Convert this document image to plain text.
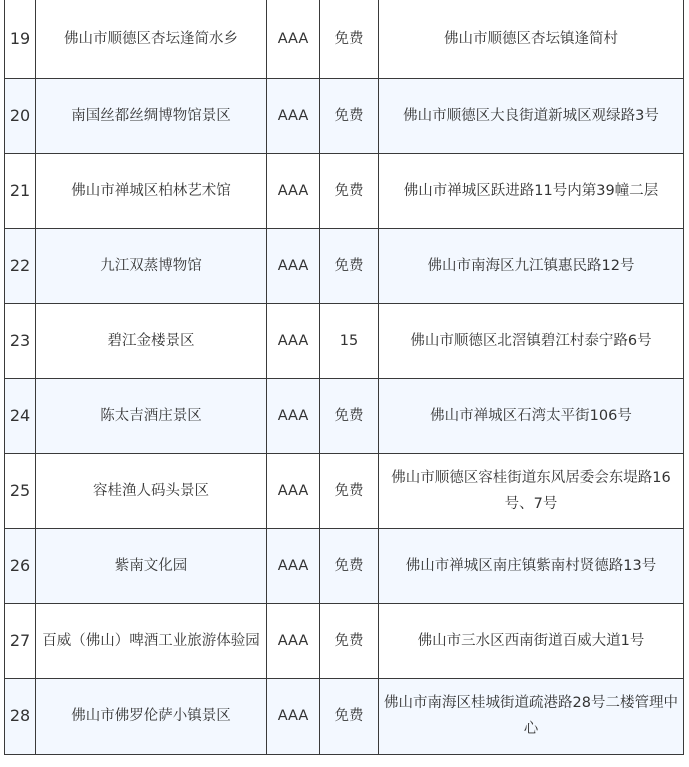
19	佛山市顺德区杏坛逢简水乡	AAA	免费	佛山市顺德区杏坛镇逢简村
20	南国丝都丝绸博物馆景区	AAA	免费	佛山市顺德区大良街道新城区观绿路3号
21	佛山市禅城区柏林艺术馆	AAA	免费	佛山市禅城区跃进路11号内第39幢二层
22	九江双蒸博物馆	AAA	免费	佛山市南海区九江镇惠民路12号
23	碧江金楼景区	AAA	15	佛山市顺德区北滘镇碧江村泰宁路6号
24	陈太吉酒庄景区	AAA	免费	佛山市禅城区石湾太平街106号
25	容桂渔人码头景区	AAA	免费	佛山市顺德区容桂街道东风居委会东堤路16号、7号
26	紫南文化园	AAA	免费	佛山市禅城区南庄镇紫南村贤德路13号
27	百威（佛山）啤酒工业旅游体验园	AAA	免费	佛山市三水区西南街道百威大道1号
28	佛山市佛罗伦萨小镇景区	AAA	免费	佛山市南海区桂城街道疏港路28号二楼管理中心
